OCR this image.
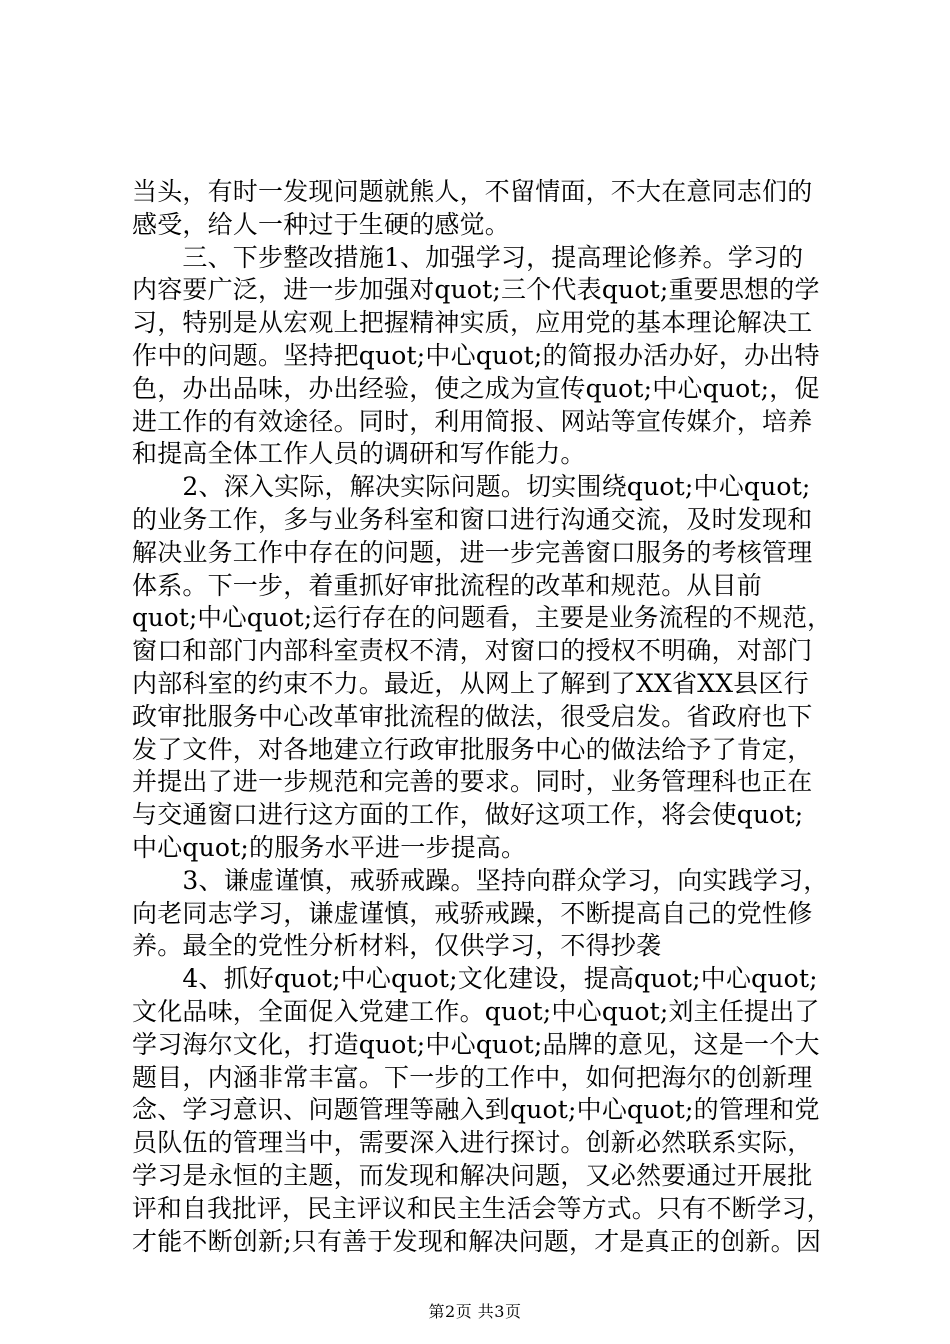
当头，有时一发现问题就熊人，不留情面，不大在意同志们的
感受，给人一种过于生硬的感觉。
　　三、下步整改措施1、加强学习，提高理论修养。学习的
内容要广泛，进一步加强对quot;三个代表quot;重要思想的学
习，特别是从宏观上把握精神实质，应用党的基本理论解决工
作中的问题。坚持把quot;中心quot;的简报办活办好，办出特
色，办出品味，办出经验，使之成为宣传quot;中心quot;，促
进工作的有效途径。同时，利用简报、网站等宣传媒介，培养
和提高全体工作人员的调研和写作能力。
　　2、深入实际，解决实际问题。切实围绕quot;中心quot;
的业务工作，多与业务科室和窗口进行沟通交流，及时发现和
解决业务工作中存在的问题，进一步完善窗口服务的考核管理
体系。下一步，着重抓好审批流程的改革和规范。从目前
quot;中心quot;运行存在的问题看，主要是业务流程的不规范，
窗口和部门内部科室责权不清，对窗口的授权不明确，对部门
内部科室的约束不力。最近，从网上了解到了XX省XX县区行
政审批服务中心改革审批流程的做法，很受启发。省政府也下
发了文件，对各地建立行政审批服务中心的做法给予了肯定，
并提出了进一步规范和完善的要求。同时，业务管理科也正在
与交通窗口进行这方面的工作，做好这项工作，将会使quot;
中心quot;的服务水平进一步提高。
　　3、谦虚谨慎，戒骄戒躁。坚持向群众学习，向实践学习，
向老同志学习，谦虚谨慎，戒骄戒躁，不断提高自己的党性修
养。最全的党性分析材料，仅供学习，不得抄袭
　　4、抓好quot;中心quot;文化建设，提高quot;中心quot;
文化品味，全面促入党建工作。quot;中心quot;刘主任提出了
学习海尔文化，打造quot;中心quot;品牌的意见，这是一个大
题目，内涵非常丰富。下一步的工作中，如何把海尔的创新理
念、学习意识、问题管理等融入到quot;中心quot;的管理和党
员队伍的管理当中，需要深入进行探讨。创新必然联系实际，
学习是永恒的主题，而发现和解决问题，又必然要通过开展批
评和自我批评，民主评议和民主生活会等方式。只有不断学习，
才能不断创新;只有善于发现和解决问题，才是真正的创新。因
第2页 共3页
